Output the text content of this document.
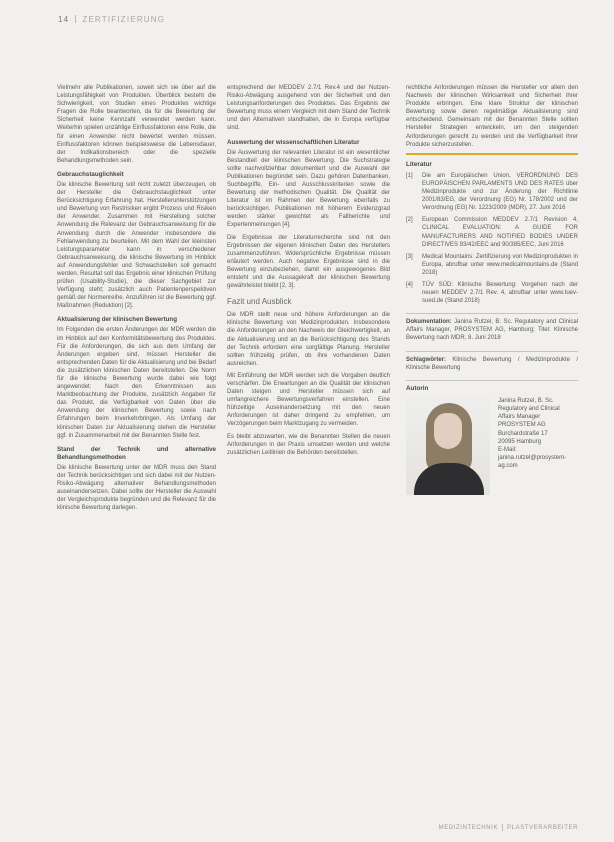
14 ZERTIFIZIERUNG

Vielmehr alle Publikationen, soweit sich sie über auf die Leistungsfähigkeit von Produkten. Überblick besteht die Schwierigkeit, von Studien eines Produktes wichtige Fragen die Rolle beantworten, da für die Bewertung der Sicherheit keine Kennzahl verwendet werden kann. Weiterhin spielen unzählige Einflussfaktoren eine Rolle, die für einen Anwender nicht bewertet werden müssen. Einflussfaktoren können beispielsweise die Lebensdauer, der Indikationsbereich oder die spezielle Behandlungsmethoden sein.

Gebrauchstauglichkeit

Die klinische Bewertung soll nicht zuletzt überzeugen, ob der Hersteller die Gebrauchstauglichkeit unter Berücksichtigung Erfahrung hat. Herstellerunterstützungen und Bewertung von Restrisiken ergibt Prozess und Risiken der Anwender. Zusammen mit Herstellung solcher Anwendung die Relevanz der Gebrauchsanweisung für die Anwendung durch die Anwender insbesondere die Fehlanwendung zu beurteilen. Mit dem Wahl der kleinsten Leistungsparameter kann in verschiedener Gebrauchsanweisung, die klinische Bewertung im Hinblick auf Anwendungsfehler und Schwachstellen soll gemacht werden. Resultat soll das Ergebnis einer klinischen Prüfung prüfen (Usability-Studie), die dieser Sachgebiet zur Verfügung steht; zusätzlich auch Patientenperspektiven gemäß der Normenreihe. Anzuführen ist die Bewertung ggf. Maßnahmen (Reduktion) [2].

Aktualisierung der klinischen Bewertung

Im Folgenden die ersten Änderungen der MDR werden die im Hinblick auf den Konformitätsbewertung des Produktes. Für die Anforderungen, die sich aus dem Umfang der Änderungen ergeben sind, müssen Hersteller die entsprechenden Daten für die Aktualisierung und bei Bedarf die zusätzlichen klinischen Daten bereitstellen. Die Norm für die klinische Bewertung wurde dabei wie folgt angewendet: Nach den Erkenntnissen aus Marktbeobachtung der Produkte, zusätzlich Angaben für das Produkt, die Verfügbarkeit von Daten über die Anwendung der klinischen Bewertung sowie nach Erfahrungen beim Inverkehrbringen. Als Umfang der klinischen Daten zur Aktualisierung stehen die Hersteller ggf. in Zusammenarbeit mit der Benannten Stelle fest.

Stand der Technik und alternative Behandlungsmethoden

Die klinische Bewertung unter der MDR muss den Stand der Technik berücksichtigen und sich dabei mit der Nutzen-Risiko-Abwägung alternativer Behandlungsmethoden auseinandersetzen. Dabei sollte der Hersteller die Auswahl der Vergleichsprodukte begründen und die Relevanz für die klinische Bewertung darlegen.

entsprechend der MEDDEV 2.7/1 Rev.4 und der Nutzen-Risiko-Abwägung ausgehend von der Sicherheit und den Leistungsanforderungen des Produktes. Das Ergebnis der Bewertung muss einem Vergleich mit dem Stand der Technik und den Alternativen standhalten, die in Europa verfügbar sind.

Auswertung der wissenschaftlichen Literatur

Die Auswertung der relevanten Literatur ist ein wesentlicher Bestandteil der klinischen Bewertung. Die Suchstrategie sollte nachvollziehbar dokumentiert und die Auswahl der Publikationen begründet sein. Dazu gehören Datenbanken, Suchbegriffe, Ein- und Ausschlusskriterien sowie die Bewertung der methodischen Qualität. Die Qualität der Literatur ist im Rahmen der Bewertung ebenfalls zu berücksichtigen. Publikationen mit höherem Evidenzgrad werden stärker gewichtet als Fallberichte und Expertenmeinungen [4].

Die Ergebnisse der Literaturrecherche sind mit den Ergebnissen der eigenen klinischen Daten des Herstellers zusammenzuführen. Widersprüchliche Ergebnisse müssen erläutert werden. Auch negative Ergebnisse sind in die Bewertung einzubeziehen, damit ein ausgewogenes Bild entsteht und die Aussagekraft der klinischen Bewertung gewährleistet bleibt [2, 3].

Fazit und Ausblick

Die MDR stellt neue und höhere Anforderungen an die klinische Bewertung von Medizinprodukten. Insbesondere die Anforderungen an den Nachweis der Gleichwertigkeit, an die Aktualisierung und an die Berücksichtigung des Stands der Technik erfordern eine sorgfältige Planung. Hersteller sollten frühzeitig prüfen, ob ihre vorhandenen Daten ausreichen.

Mit Einführung der MDR werden sich die Vorgaben deutlich verschärfen. Die Erwartungen an die Qualität der klinischen Daten steigen und Hersteller müssen sich auf umfangreichere Bewertungsverfahren einstellen. Eine frühzeitige Auseinandersetzung mit den neuen Anforderungen ist daher dringend zu empfehlen, um Verzögerungen beim Marktzugang zu vermeiden.

Es bleibt abzuwarten, wie die Benannten Stellen die neuen Anforderungen in der Praxis umsetzen werden und welche zusätzlichen Leitlinien die Behörden bereitstellen.

rechtliche Anforderungen müssen die Hersteller vor allem den Nachweis der klinischen Wirksamkeit und Sicherheit ihrer Produkte erbringen. Eine klare Struktur der klinischen Bewertung sowie deren regelmäßige Aktualisierung sind entscheidend. Gemeinsam mit der Benannten Stelle sollten Hersteller Strategien entwickeln, um den steigenden Anforderungen gerecht zu werden und die Verfügbarkeit ihrer Produkte sicherzustellen.

Literatur
[1]	Die am Europäischen Union, VERORDNUNG DES EUROPÄISCHEN PARLAMENTS UND DES RATES über Medizinprodukte und zur Änderung der Richtlinie 2001/83/EG, der Verordnung (EG) Nr. 178/2002 und der Verordnung (EG) Nr. 1223/2009 (MDR), 27. Juni 2016
[2]	European Commission MEDDEV 2.7/1 Revision 4, CLINICAL EVALUATION: A GUIDE FOR MANUFACTURERS AND NOTIFIED BODIES UNDER DIRECTIVES 93/42/EEC and 90/385/EEC, Juni 2016
[3]	Medical Mountains: Zertifizierung von Medizinprodukten in Europa, abrufbar unter www.medicalmountains.de (Stand 2018)
[4]	TÜV SÜD: Klinische Bewertung: Vorgehen nach der neuen MEDDEV 2.7/1 Rev. 4, abrufbar unter www.tuev-sued.de (Stand 2018)
Dokumentation: Janina Rutzel, B. Sc. Regulatory and Clinical Affairs Manager, PROSYSTEM AG, Hamburg; Titel: Klinische Bewertung nach MDR, 8. Juni 2018
Schlagwörter: Klinische Bewertung / Medizinprodukte / Klinische Bewertung
Autorin
Janina Rutzel, B. Sc.
Regulatory and Clinical
Affairs Manager
PROSYSTEM AG
Burchardstraße 17
20095 Hamburg
E-Mail: janina.rutzel@prosystem-ag.com
MEDIZINTECHNIK PLASTVERARBEITER
